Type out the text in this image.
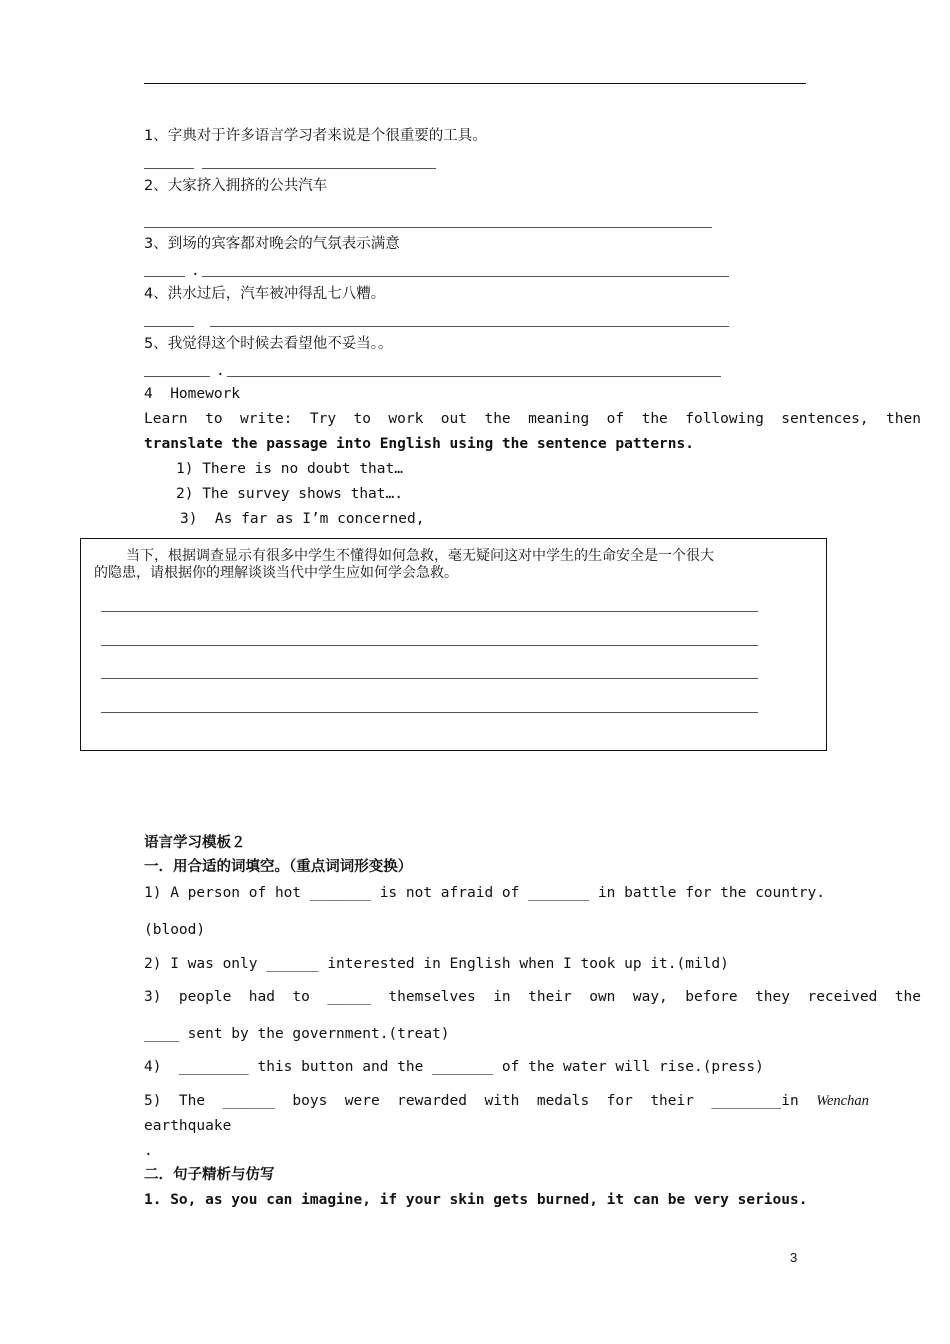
1、字典对于许多语言学习者来说是个很重要的工具。
2、大家挤入拥挤的公共汽车
3、到场的宾客都对晚会的气氛表示满意
.
4、洪水过后，汽车被冲得乱七八糟。
5、我觉得这个时候去看望他不妥当。。
.
4  Homework
Learn  to  write:  Try  to  work  out  the  meaning  of  the  following  sentences,  then
translate the passage into English using the sentence patterns.
1) There is no doubt that…
2) The survey shows that….
3)  As far as I’m concerned,
当下，根据调查显示有很多中学生不懂得如何急救，毫无疑问这对中学生的生命安全是一个很大
的隐患，请根据你的理解谈谈当代中学生应如何学会急救。
语言学习模板２
一．用合适的词填空。（重点词词形变换）
1) A person of hot _______ is not afraid of _______ in battle for the country.
(blood)
2) I was only ______ interested in English when I took up it.(mild)
3)  people  had  to  _____  themselves  in  their  own  way,  before  they  received  the
____ sent by the government.(treat)
4)  ________ this button and the _______ of the water will rise.(press)
5)  The  ______  boys  were  rewarded  with  medals  for  their  ________in  Wenchan
earthquake
.
二．句子精析与仿写
1. So, as you can imagine, if your skin gets burned, it can be very serious.
3
